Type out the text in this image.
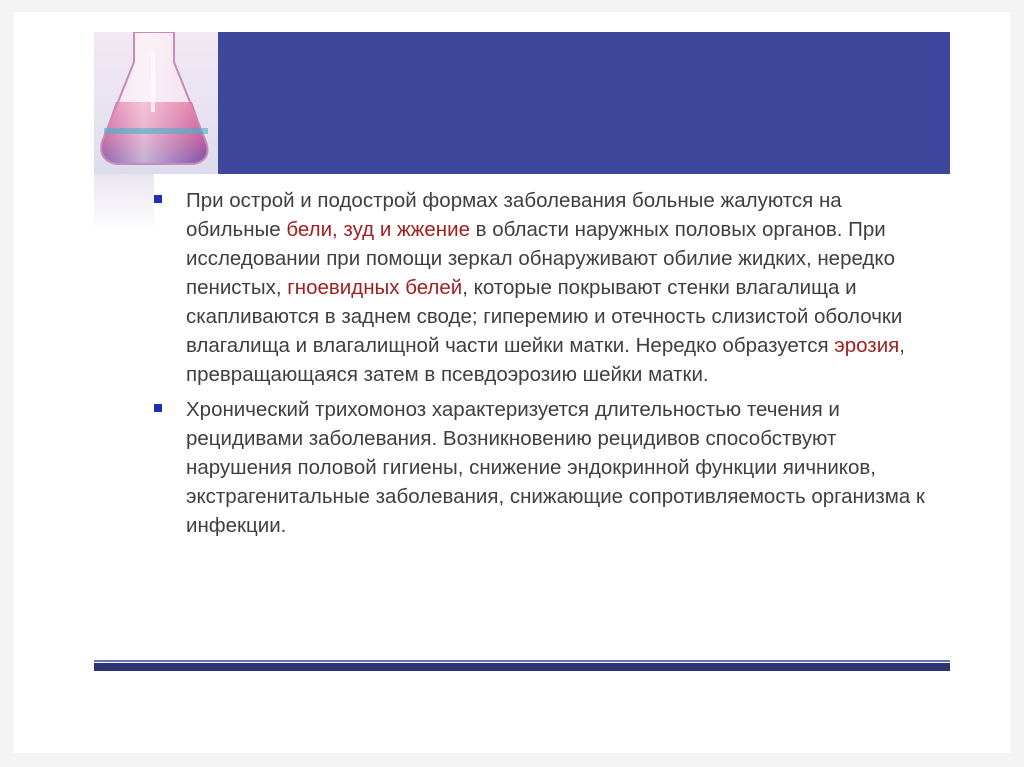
При острой и подострой формах заболевания больные жалуются на обильные бели, зуд и жжение в области наружных половых органов. При исследовании при помощи зеркал обнаруживают обилие жидких, нередко пенистых, гноевидных белей, которые покрывают стенки влагалища и скапливаются в заднем своде; гиперемию и отечность слизистой оболочки влагалища и влагалищной части шейки матки. Нередко образуется эрозия, превращающаяся затем в псевдоэрозию шейки матки.
Хронический трихомоноз характеризуется длительностью течения и рецидивами заболевания. Возникновению рецидивов способствуют нарушения половой гигиены, снижение эндокринной функции яичников, экстрагенитальные заболевания, снижающие сопротивляемость организма к инфекции.
